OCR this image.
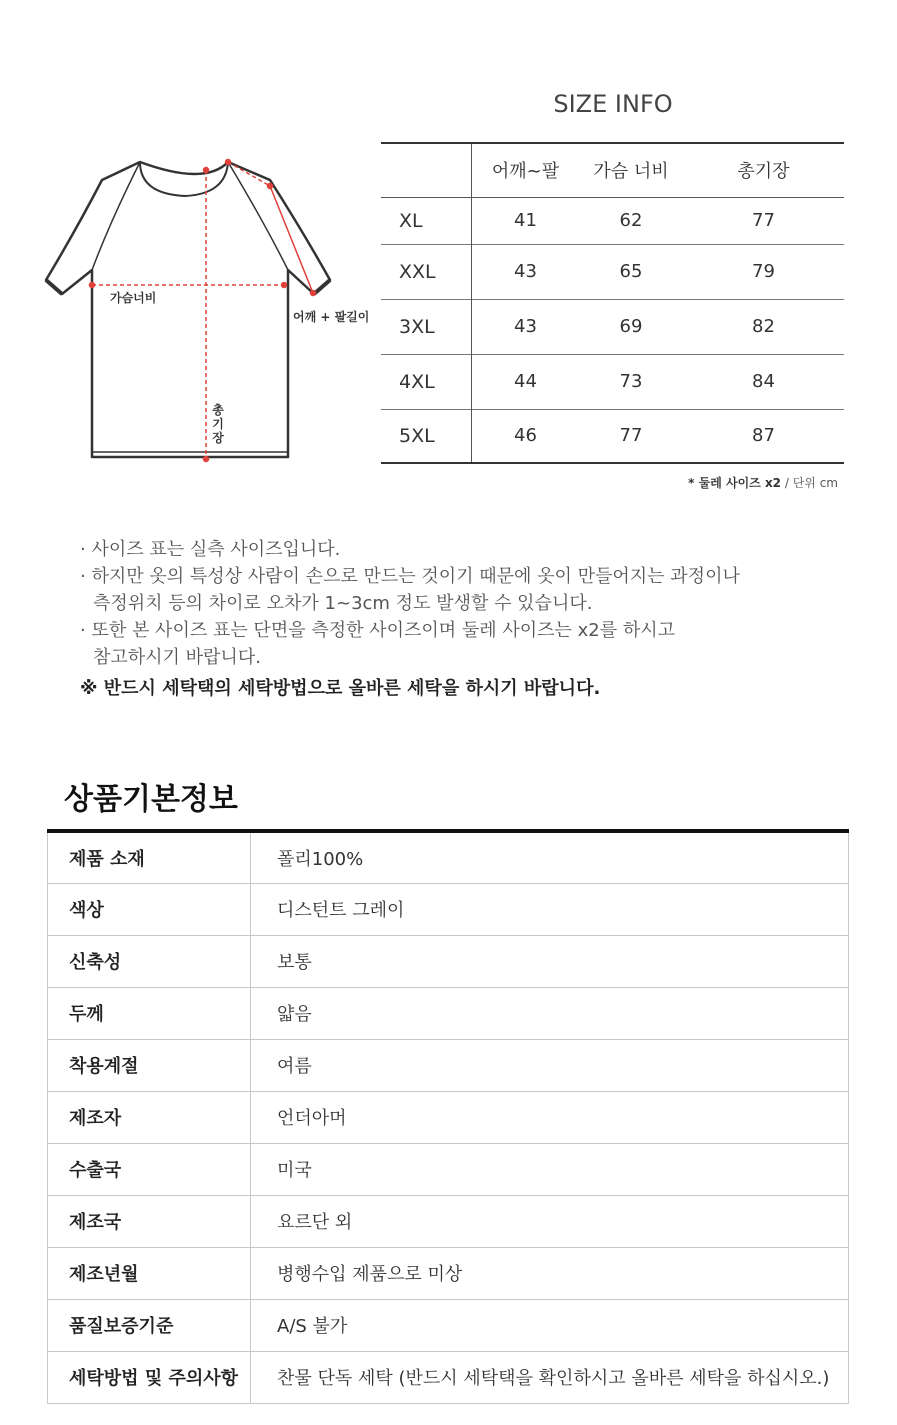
가슴너비
어깨 + 팔길이
총
기
장
SIZE INFO
	어깨~팔	가슴 너비	총기장
XL	41	62	77
XXL	43	65	79
3XL	43	69	82
4XL	44	73	84
5XL	46	77	87
* 둘레 사이즈 x2 / 단위 cm

· 사이즈 표는 실측 사이즈입니다.

· 하지만 옷의 특성상 사람이 손으로 만드는 것이기 때문에 옷이 만들어지는 과정이나

측정위치 등의 차이로 오차가 1~3cm 정도 발생할 수 있습니다.

· 또한 본 사이즈 표는 단면을 측정한 사이즈이며 둘레 사이즈는 x2를 하시고

참고하시기 바랍니다.

※ 반드시 세탁택의 세탁방법으로 올바른 세탁을 하시기 바랍니다.

상품기본정보
제품 소재	폴리100%
색상	디스턴트 그레이
신축성	보통
두께	얇음
착용계절	여름
제조자	언더아머
수출국	미국
제조국	요르단 외
제조년월	병행수입 제품으로 미상
품질보증기준	A/S 불가
세탁방법 및 주의사항	찬물 단독 세탁 (반드시 세탁택을 확인하시고 올바른 세탁을 하십시오.)
